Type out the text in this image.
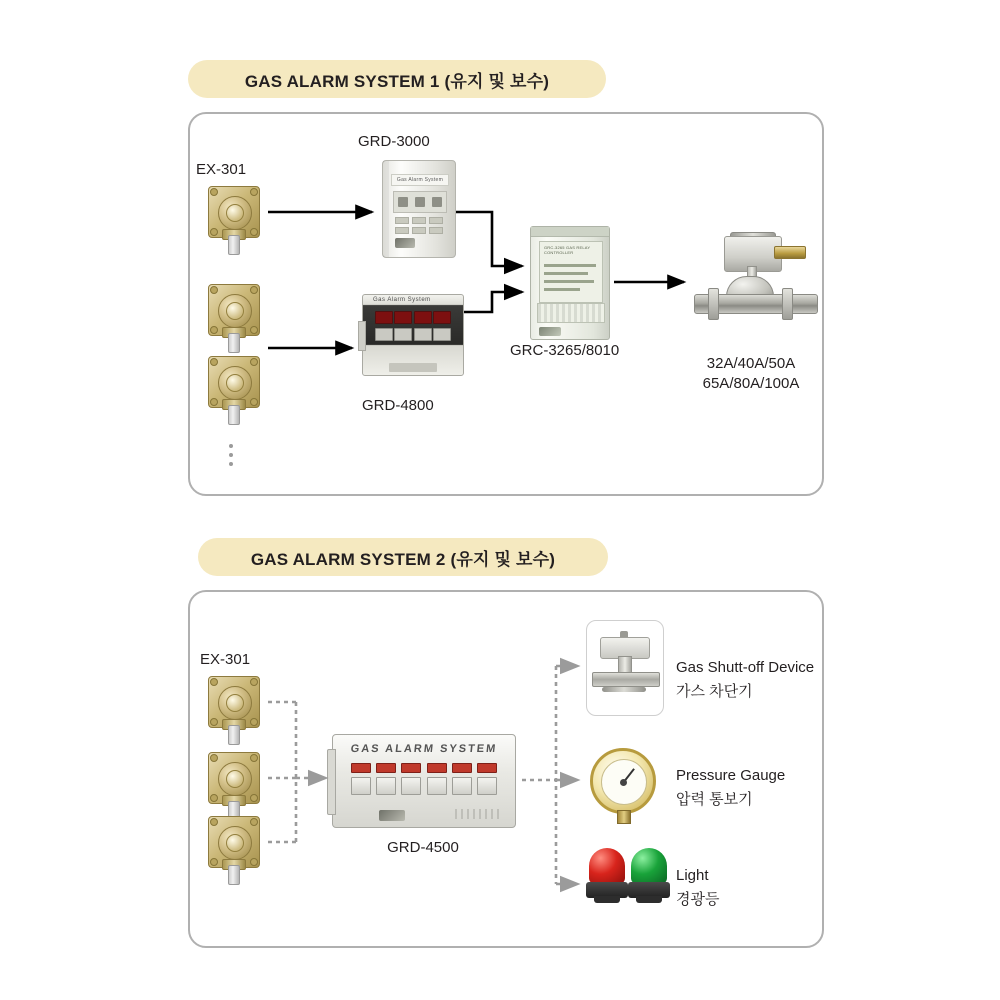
GAS ALARM SYSTEM 1 (유지 및 보수)
EX-301
GRD-3000
GRD-4800
GRC-3265/8010
32A/40A/50A
65A/80A/100A
Gas Alarm System
Gas Alarm System
GRC-3265 GAS RELAY CONTROLLER
GAS ALARM SYSTEM 2 (유지 및 보수)
EX-301
GRD-4500
GAS ALARM SYSTEM
Gas Shutt-off Device
가스 차단기
Pressure Gauge
압력 통보기
Light
경광등
